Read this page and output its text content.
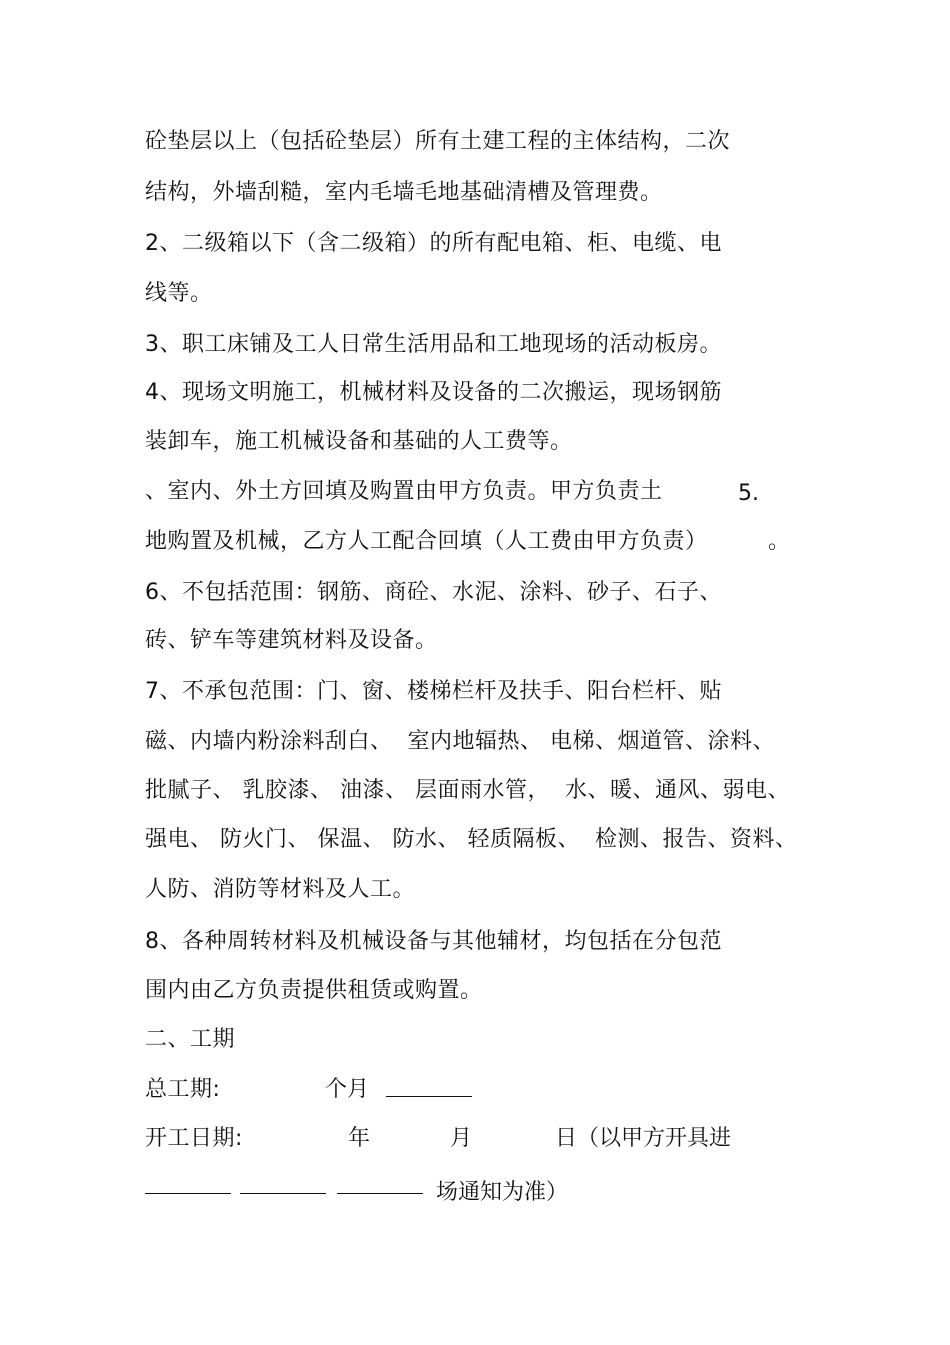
砼垫层以上（包括砼垫层）所有土建工程的主体结构，二次
结构，外墙刮糙，室内毛墙毛地基础清槽及管理费。
2、二级箱以下（含二级箱）的所有配电箱、柜、电缆、电
线等。
3、职工床铺及工人日常生活用品和工地现场的活动板房。
4、现场文明施工，机械材料及设备的二次搬运，现场钢筋
装卸车，施工机械设备和基础的人工费等。
、室内、外土方回填及购置由甲方负责。甲方负责土	5.
地购置及机械，乙方人工配合回填（人工费由甲方负责）	。
6、不包括范围：钢筋、商砼、水泥、涂料、砂子、石子、
砖、铲车等建筑材料及设备。
7、不承包范围：门、窗、楼梯栏杆及扶手、阳台栏杆、贴
磁、内墙内粉涂料刮白、  室内地辐热、 电梯、烟道管、涂料、
批腻子、 乳胶漆、 油漆、 层面雨水管，  水、暖、通风、弱电、
强电、 防火门、 保温、 防水、 轻质隔板、  检测、报告、资料、
人防、消防等材料及人工。
8、各种周转材料及机械设备与其他辅材，均包括在分包范
围内由乙方负责提供租赁或购置。
二、工期
总工期:	个月
开工日期:	年	月	日（以甲方开具进
场通知为准）
